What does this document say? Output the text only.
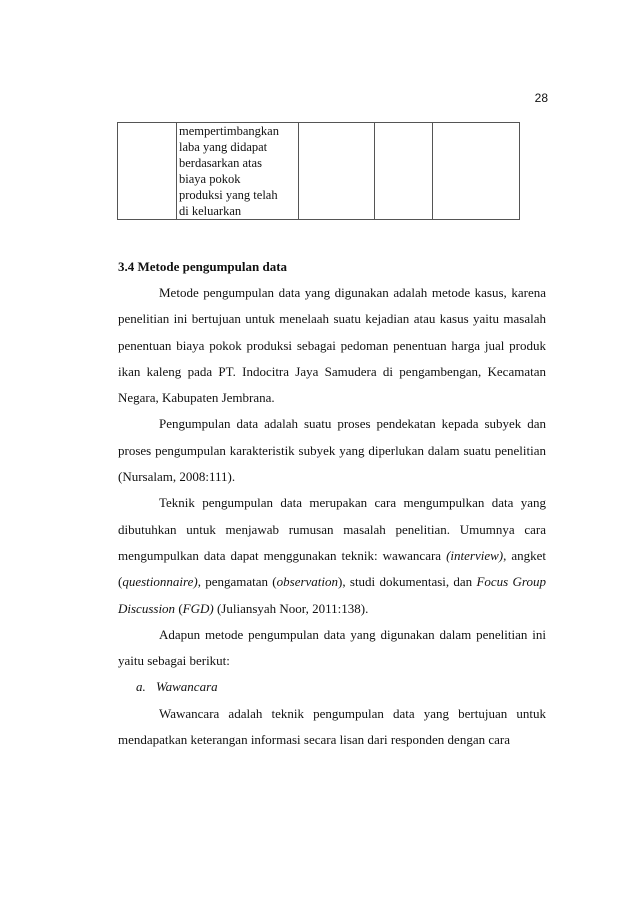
28

mempertimbangkan
laba yang didapat
berdasarkan atas
biaya pokok
produksi yang telah
di keluarkan

3.4 Metode pengumpulan data

Metode pengumpulan data yang digunakan adalah metode kasus, karena penelitian ini bertujuan untuk menelaah suatu kejadian atau kasus yaitu masalah penentuan biaya pokok produksi sebagai pedoman penentuan harga jual produk ikan kaleng pada PT. Indocitra Jaya Samudera di pengambengan, Kecamatan Negara, Kabupaten Jembrana.

Pengumpulan data adalah suatu proses pendekatan kepada subyek dan proses pengumpulan karakteristik subyek yang diperlukan dalam suatu penelitian (Nursalam, 2008:111).

Teknik pengumpulan data merupakan cara mengumpulkan data yang dibutuhkan untuk menjawab rumusan masalah penelitian. Umumnya cara mengumpulkan data dapat menggunakan teknik: wawancara (interview), angket (questionnaire), pengamatan (observation), studi dokumentasi, dan Focus Group Discussion (FGD) (Juliansyah Noor, 2011:138).

Adapun metode pengumpulan data yang digunakan dalam penelitian ini yaitu sebagai berikut:

a. Wawancara

Wawancara adalah teknik pengumpulan data yang bertujuan untuk mendapatkan keterangan informasi secara lisan dari responden dengan cara
